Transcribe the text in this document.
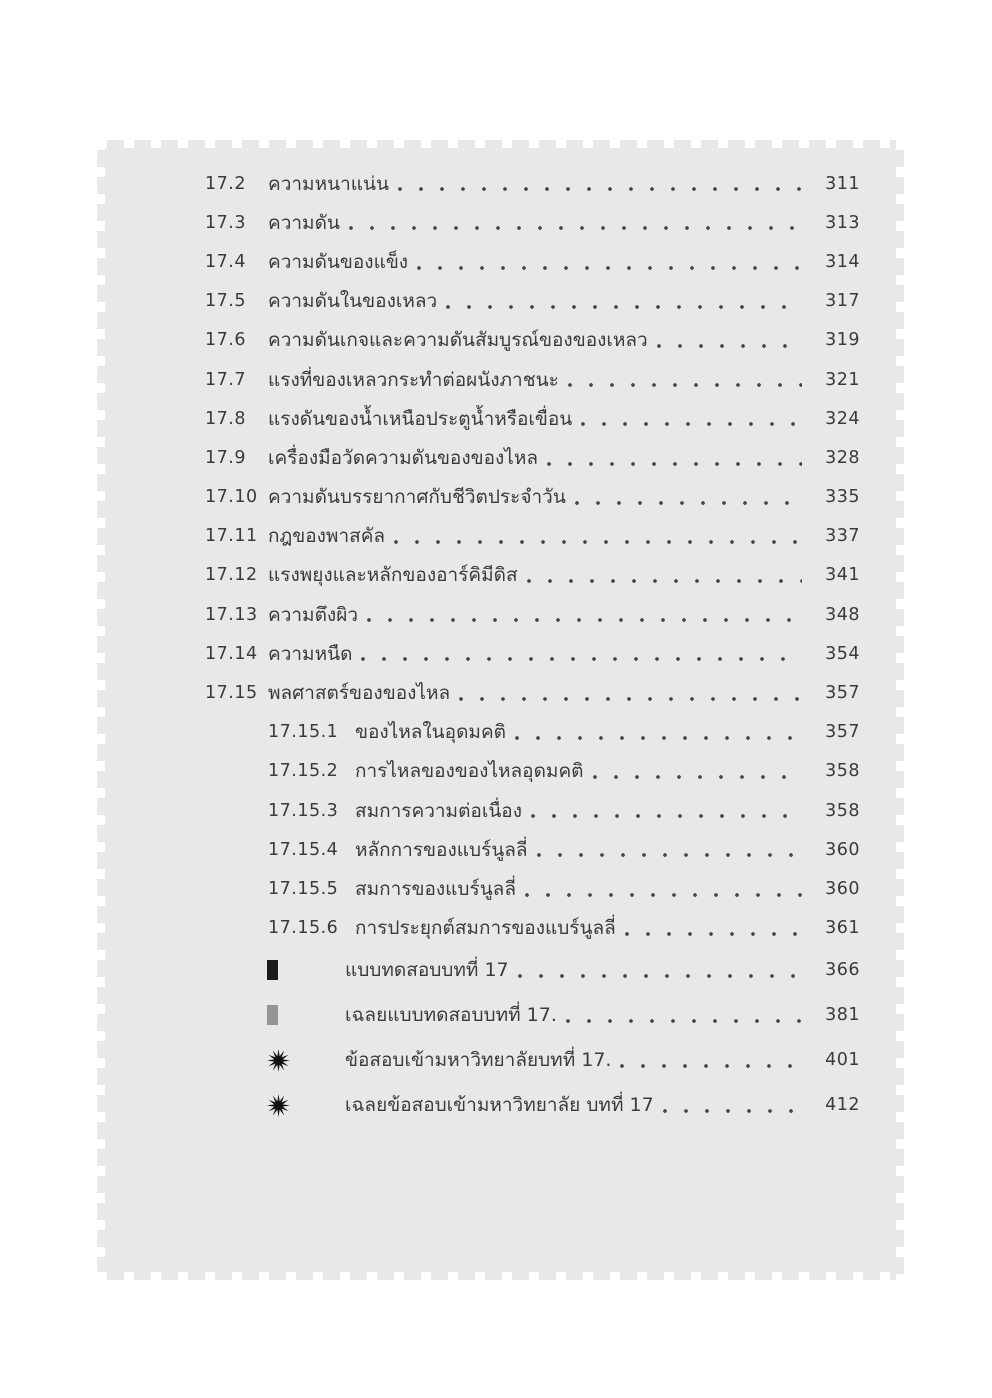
17.2	ความหนาแน่น	311
17.3	ความดัน	313
17.4	ความดันของแข็ง	314
17.5	ความดันในของเหลว	317
17.6	ความดันเกจและความดันสัมบูรณ์ของของเหลว	319
17.7	แรงที่ของเหลวกระทำต่อผนังภาชนะ	321
17.8	แรงดันของน้ำเหนือประตูน้ำหรือเขื่อน	324
17.9	เครื่องมือวัดความดันของของไหล	328
17.10 ความดันบรรยากาศกับชีวิตประจำวัน	335
17.11 กฎของพาสคัล	337
17.12 แรงพยุงและหลักของอาร์คิมีดิส	341
17.13 ความตึงผิว	348
17.14 ความหนืด	354
17.15 พลศาสตร์ของของไหล	357
17.15.1 ของไหลในอุดมคติ	357
17.15.2 การไหลของของไหลอุดมคติ	358
17.15.3 สมการความต่อเนื่อง	358
17.15.4 หลักการของแบร์นูลลี่	360
17.15.5 สมการของแบร์นูลลี่	360
17.15.6 การประยุกต์สมการของแบร์นูลลี่	361
แบบทดสอบบทที่ 17	366
เฉลยแบบทดสอบบทที่ 17.	381
ข้อสอบเข้ามหาวิทยาลัยบทที่ 17.	401
เฉลยข้อสอบเข้ามหาวิทยาลัย บทที่ 17	412
